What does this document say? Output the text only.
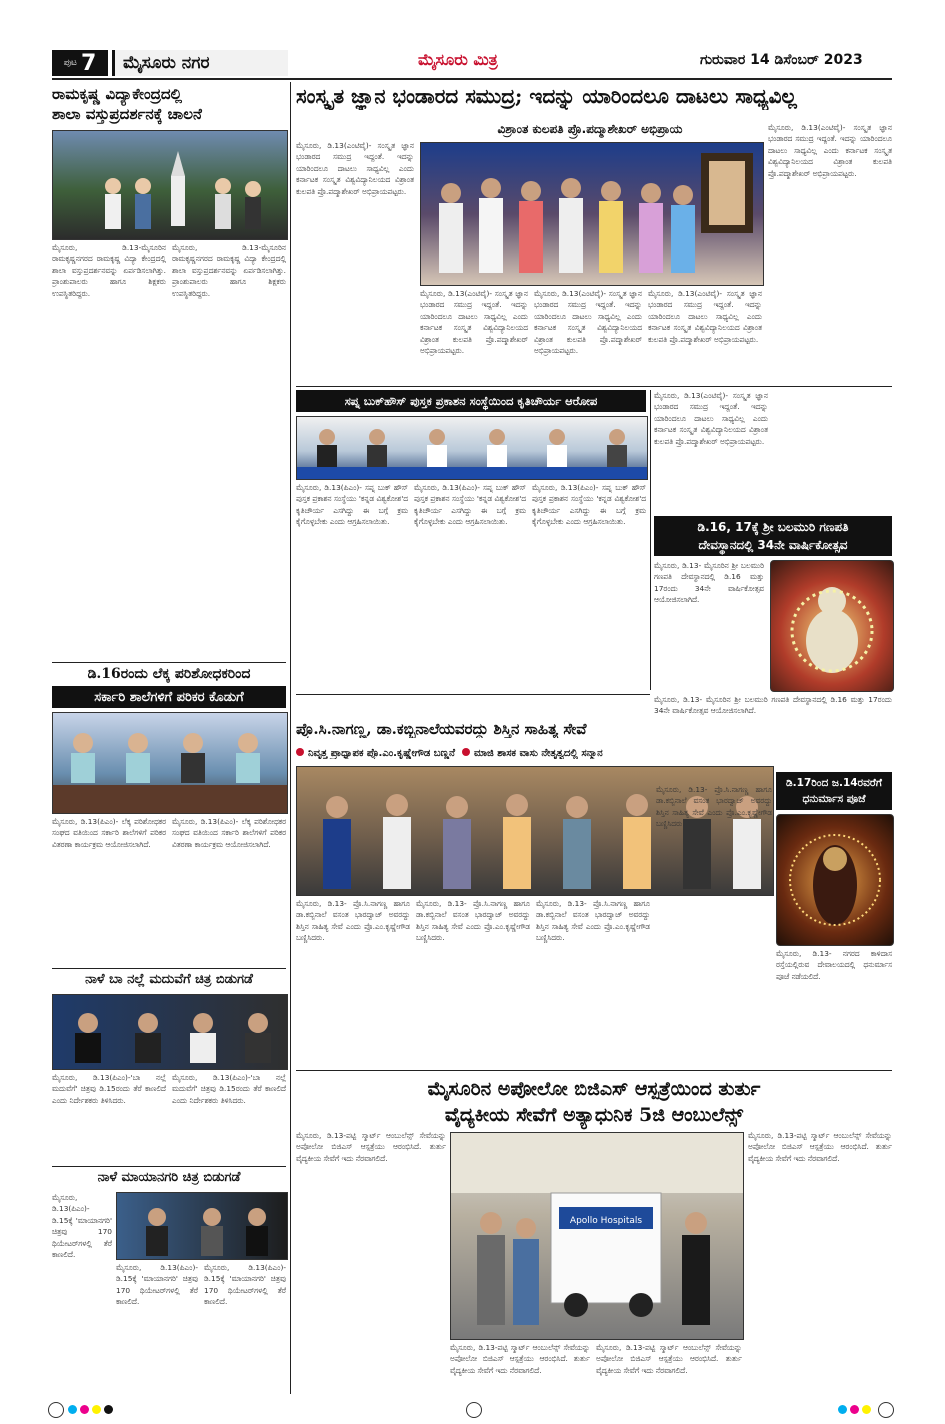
ಪುಟ 7	ಮೈಸೂರು ನಗರ	ಮೈಸೂರು ಮಿತ್ರ	ಗುರುವಾರ 14 ಡಿಸೆಂಬರ್ 2023
ರಾಮಕೃಷ್ಣ ವಿದ್ಯಾಕೇಂದ್ರದಲ್ಲಿ
ಶಾಲಾ ವಸ್ತುಪ್ರದರ್ಶನಕ್ಕೆ ಚಾಲನೆ
ಮೈಸೂರು, ಡಿ.13-ಮೈಸೂರಿನ ರಾಮಕೃಷ್ಣನಗರದ ರಾಮಕೃಷ್ಣ ವಿದ್ಯಾ ಕೇಂದ್ರದಲ್ಲಿ ಶಾಲಾ ವಸ್ತುಪ್ರದರ್ಶನವನ್ನು ಏರ್ಪಡಿಸಲಾಗಿತ್ತು. ಪ್ರಾಂಶುಪಾಲರು ಹಾಗೂ ಶಿಕ್ಷಕರು ಉಪಸ್ಥಿತರಿದ್ದರು.
ಮೈಸೂರು, ಡಿ.13-ಮೈಸೂರಿನ ರಾಮಕೃಷ್ಣನಗರದ ರಾಮಕೃಷ್ಣ ವಿದ್ಯಾ ಕೇಂದ್ರದಲ್ಲಿ ಶಾಲಾ ವಸ್ತುಪ್ರದರ್ಶನವನ್ನು ಏರ್ಪಡಿಸಲಾಗಿತ್ತು. ಪ್ರಾಂಶುಪಾಲರು ಹಾಗೂ ಶಿಕ್ಷಕರು ಉಪಸ್ಥಿತರಿದ್ದರು.
ಡಿ.16ರಂದು ಲೆಕ್ಕ ಪರಿಶೋಧಕರಿಂದ
ಸರ್ಕಾರಿ ಶಾಲೆಗಳಿಗೆ ಪರಿಕರ ಕೊಡುಗೆ
ಮೈಸೂರು, ಡಿ.13(ಪಿಎಂ)- ಲೆಕ್ಕ ಪರಿಶೋಧಕರ ಸಂಘದ ವತಿಯಿಂದ ಸರ್ಕಾರಿ ಶಾಲೆಗಳಿಗೆ ಪರಿಕರ ವಿತರಣಾ ಕಾರ್ಯಕ್ರಮ ಆಯೋಜಿಸಲಾಗಿದೆ.
ಮೈಸೂರು, ಡಿ.13(ಪಿಎಂ)- ಲೆಕ್ಕ ಪರಿಶೋಧಕರ ಸಂಘದ ವತಿಯಿಂದ ಸರ್ಕಾರಿ ಶಾಲೆಗಳಿಗೆ ಪರಿಕರ ವಿತರಣಾ ಕಾರ್ಯಕ್ರಮ ಆಯೋಜಿಸಲಾಗಿದೆ.
ನಾಳೆ ಬಾ ನಲ್ಲೆ ಮದುವೆಗೆ ಚಿತ್ರ ಬಿಡುಗಡೆ
ಮೈಸೂರು, ಡಿ.13(ಪಿಎಂ)-'ಬಾ ನಲ್ಲೆ ಮದುವೆಗೆ' ಚಿತ್ರವು ಡಿ.15ರಂದು ತೆರೆ ಕಾಣಲಿದೆ ಎಂದು ನಿರ್ದೇಶಕರು ತಿಳಿಸಿದರು.
ಮೈಸೂರು, ಡಿ.13(ಪಿಎಂ)-'ಬಾ ನಲ್ಲೆ ಮದುವೆಗೆ' ಚಿತ್ರವು ಡಿ.15ರಂದು ತೆರೆ ಕಾಣಲಿದೆ ಎಂದು ನಿರ್ದೇಶಕರು ತಿಳಿಸಿದರು.
ನಾಳೆ ಮಾಯಾನಗರಿ ಚಿತ್ರ ಬಿಡುಗಡೆ
ಮೈಸೂರು, ಡಿ.13(ಪಿಎಂ)- ಡಿ.15ಕ್ಕೆ 'ಮಾಯಾನಗರಿ' ಚಿತ್ರವು 170 ಥಿಯೇಟರ್‌ಗಳಲ್ಲಿ ತೆರೆ ಕಾಣಲಿದೆ.
ಮೈಸೂರು, ಡಿ.13(ಪಿಎಂ)- ಡಿ.15ಕ್ಕೆ 'ಮಾಯಾನಗರಿ' ಚಿತ್ರವು 170 ಥಿಯೇಟರ್‌ಗಳಲ್ಲಿ ತೆರೆ ಕಾಣಲಿದೆ.
ಮೈಸೂರು, ಡಿ.13(ಪಿಎಂ)- ಡಿ.15ಕ್ಕೆ 'ಮಾಯಾನಗರಿ' ಚಿತ್ರವು 170 ಥಿಯೇಟರ್‌ಗಳಲ್ಲಿ ತೆರೆ ಕಾಣಲಿದೆ.
ಸಂಸ್ಕೃತ ಜ್ಞಾನ ಭಂಡಾರದ ಸಮುದ್ರ; ಇದನ್ನು ಯಾರಿಂದಲೂ ದಾಟಲು ಸಾಧ್ಯವಿಲ್ಲ
ವಿಶ್ರಾಂತ ಕುಲಪತಿ ಪ್ರೊ.ಪದ್ಮಾಶೇಖರ್ ಅಭಿಪ್ರಾಯ
ಮೈಸೂರು, ಡಿ.13(ಎಂಟಿವೈ)- ಸಂಸ್ಕೃತ ಜ್ಞಾನ ಭಂಡಾರದ ಸಮುದ್ರ ಇದ್ದಂತೆ. ಇದನ್ನು ಯಾರಿಂದಲೂ ದಾಟಲು ಸಾಧ್ಯವಿಲ್ಲ ಎಂದು ಕರ್ನಾಟಕ ಸಂಸ್ಕೃತ ವಿಶ್ವವಿದ್ಯಾನಿಲಯದ ವಿಶ್ರಾಂತ ಕುಲಪತಿ ಪ್ರೊ.ಪದ್ಮಾಶೇಖರ್ ಅಭಿಪ್ರಾಯಪಟ್ಟರು.
ಮೈಸೂರು, ಡಿ.13(ಎಂಟಿವೈ)- ಸಂಸ್ಕೃತ ಜ್ಞಾನ ಭಂಡಾರದ ಸಮುದ್ರ ಇದ್ದಂತೆ. ಇದನ್ನು ಯಾರಿಂದಲೂ ದಾಟಲು ಸಾಧ್ಯವಿಲ್ಲ ಎಂದು ಕರ್ನಾಟಕ ಸಂಸ್ಕೃತ ವಿಶ್ವವಿದ್ಯಾನಿಲಯದ ವಿಶ್ರಾಂತ ಕುಲಪತಿ ಪ್ರೊ.ಪದ್ಮಾಶೇಖರ್ ಅಭಿಪ್ರಾಯಪಟ್ಟರು.
ಮೈಸೂರು, ಡಿ.13(ಎಂಟಿವೈ)- ಸಂಸ್ಕೃತ ಜ್ಞಾನ ಭಂಡಾರದ ಸಮುದ್ರ ಇದ್ದಂತೆ. ಇದನ್ನು ಯಾರಿಂದಲೂ ದಾಟಲು ಸಾಧ್ಯವಿಲ್ಲ ಎಂದು ಕರ್ನಾಟಕ ಸಂಸ್ಕೃತ ವಿಶ್ವವಿದ್ಯಾನಿಲಯದ ವಿಶ್ರಾಂತ ಕುಲಪತಿ ಪ್ರೊ.ಪದ್ಮಾಶೇಖರ್ ಅಭಿಪ್ರಾಯಪಟ್ಟರು.
ಮೈಸೂರು, ಡಿ.13(ಎಂಟಿವೈ)- ಸಂಸ್ಕೃತ ಜ್ಞಾನ ಭಂಡಾರದ ಸಮುದ್ರ ಇದ್ದಂತೆ. ಇದನ್ನು ಯಾರಿಂದಲೂ ದಾಟಲು ಸಾಧ್ಯವಿಲ್ಲ ಎಂದು ಕರ್ನಾಟಕ ಸಂಸ್ಕೃತ ವಿಶ್ವವಿದ್ಯಾನಿಲಯದ ವಿಶ್ರಾಂತ ಕುಲಪತಿ ಪ್ರೊ.ಪದ್ಮಾಶೇಖರ್ ಅಭಿಪ್ರಾಯಪಟ್ಟರು.
ಮೈಸೂರು, ಡಿ.13(ಎಂಟಿವೈ)- ಸಂಸ್ಕೃತ ಜ್ಞಾನ ಭಂಡಾರದ ಸಮುದ್ರ ಇದ್ದಂತೆ. ಇದನ್ನು ಯಾರಿಂದಲೂ ದಾಟಲು ಸಾಧ್ಯವಿಲ್ಲ ಎಂದು ಕರ್ನಾಟಕ ಸಂಸ್ಕೃತ ವಿಶ್ವವಿದ್ಯಾನಿಲಯದ ವಿಶ್ರಾಂತ ಕುಲಪತಿ ಪ್ರೊ.ಪದ್ಮಾಶೇಖರ್ ಅಭಿಪ್ರಾಯಪಟ್ಟರು.
ಸಪ್ನ ಬುಕ್‌ಹೌಸ್ ಪುಸ್ತಕ ಪ್ರಕಾಶನ ಸಂಸ್ಥೆಯಿಂದ ಕೃತಿಚೌರ್ಯ ಆರೋಪ
ಮೈಸೂರು, ಡಿ.13(ಪಿಎಂ)- ಸಪ್ನ ಬುಕ್ ಹೌಸ್ ಪುಸ್ತಕ ಪ್ರಕಾಶನ ಸಂಸ್ಥೆಯು 'ಕನ್ನಡ ವಿಶ್ವಕೋಶ'ದ ಕೃತಿಚೌರ್ಯ ಎಸಗಿದ್ದು ಈ ಬಗ್ಗೆ ಕ್ರಮ ಕೈಗೊಳ್ಳಬೇಕು ಎಂದು ಆಗ್ರಹಿಸಲಾಯಿತು.
ಮೈಸೂರು, ಡಿ.13(ಪಿಎಂ)- ಸಪ್ನ ಬುಕ್ ಹೌಸ್ ಪುಸ್ತಕ ಪ್ರಕಾಶನ ಸಂಸ್ಥೆಯು 'ಕನ್ನಡ ವಿಶ್ವಕೋಶ'ದ ಕೃತಿಚೌರ್ಯ ಎಸಗಿದ್ದು ಈ ಬಗ್ಗೆ ಕ್ರಮ ಕೈಗೊಳ್ಳಬೇಕು ಎಂದು ಆಗ್ರಹಿಸಲಾಯಿತು.
ಮೈಸೂರು, ಡಿ.13(ಪಿಎಂ)- ಸಪ್ನ ಬುಕ್ ಹೌಸ್ ಪುಸ್ತಕ ಪ್ರಕಾಶನ ಸಂಸ್ಥೆಯು 'ಕನ್ನಡ ವಿಶ್ವಕೋಶ'ದ ಕೃತಿಚೌರ್ಯ ಎಸಗಿದ್ದು ಈ ಬಗ್ಗೆ ಕ್ರಮ ಕೈಗೊಳ್ಳಬೇಕು ಎಂದು ಆಗ್ರಹಿಸಲಾಯಿತು.
ಮೈಸೂರು, ಡಿ.13(ಎಂಟಿವೈ)- ಸಂಸ್ಕೃತ ಜ್ಞಾನ ಭಂಡಾರದ ಸಮುದ್ರ ಇದ್ದಂತೆ. ಇದನ್ನು ಯಾರಿಂದಲೂ ದಾಟಲು ಸಾಧ್ಯವಿಲ್ಲ ಎಂದು ಕರ್ನಾಟಕ ಸಂಸ್ಕೃತ ವಿಶ್ವವಿದ್ಯಾನಿಲಯದ ವಿಶ್ರಾಂತ ಕುಲಪತಿ ಪ್ರೊ.ಪದ್ಮಾಶೇಖರ್ ಅಭಿಪ್ರಾಯಪಟ್ಟರು.
ಡಿ.16, 17ಕ್ಕೆ ಶ್ರೀ ಬಲಮುರಿ ಗಣಪತಿ
ದೇವಸ್ಥಾನದಲ್ಲಿ 34ನೇ ವಾರ್ಷಿಕೋತ್ಸವ
ಮೈಸೂರು, ಡಿ.13- ಮೈಸೂರಿನ ಶ್ರೀ ಬಲಮುರಿ ಗಣಪತಿ ದೇವಸ್ಥಾನದಲ್ಲಿ ಡಿ.16 ಮತ್ತು 17ರಂದು 34ನೇ ವಾರ್ಷಿಕೋತ್ಸವ ಆಯೋಜಿಸಲಾಗಿದೆ.
ಮೈಸೂರು, ಡಿ.13- ಮೈಸೂರಿನ ಶ್ರೀ ಬಲಮುರಿ ಗಣಪತಿ ದೇವಸ್ಥಾನದಲ್ಲಿ ಡಿ.16 ಮತ್ತು 17ರಂದು 34ನೇ ವಾರ್ಷಿಕೋತ್ಸವ ಆಯೋಜಿಸಲಾಗಿದೆ.
ಡಿ.17ರಿಂದ ಜ.14ರವರೆಗೆ
ಧನುರ್ಮಾಸ ಪೂಜೆ
ಮೈಸೂರು, ಡಿ.13- ನಗರದ ಕಾಳಿದಾಸ ರಸ್ತೆಯಲ್ಲಿರುವ ದೇವಾಲಯದಲ್ಲಿ ಧನುರ್ಮಾಸ ಪೂಜೆ ನಡೆಯಲಿದೆ.
ಪ್ರೊ.ಸಿ.ನಾಗಣ್ಣ, ಡಾ.ಕಬ್ಬಿನಾಲೆಯವರದ್ದು ಶಿಸ್ತಿನ ಸಾಹಿತ್ಯ ಸೇವೆ
ನಿವೃತ್ತ ಪ್ರಾಧ್ಯಾಪಕ ಪ್ರೊ.ಎಂ.ಕೃಷ್ಣೇಗೌಡ ಬಣ್ಣನೆ ಮಾಜಿ ಶಾಸಕ ವಾಸು ನೇತೃತ್ವದಲ್ಲಿ ಸನ್ಮಾನ
ಮೈಸೂರು, ಡಿ.13- ಪ್ರೊ.ಸಿ.ನಾಗಣ್ಣ ಹಾಗೂ ಡಾ.ಕಬ್ಬಿನಾಲೆ ವಸಂತ ಭಾರದ್ವಾಜ್ ಅವರದ್ದು ಶಿಸ್ತಿನ ಸಾಹಿತ್ಯ ಸೇವೆ ಎಂದು ಪ್ರೊ.ಎಂ.ಕೃಷ್ಣೇಗೌಡ ಬಣ್ಣಿಸಿದರು.
ಮೈಸೂರು, ಡಿ.13- ಪ್ರೊ.ಸಿ.ನಾಗಣ್ಣ ಹಾಗೂ ಡಾ.ಕಬ್ಬಿನಾಲೆ ವಸಂತ ಭಾರದ್ವಾಜ್ ಅವರದ್ದು ಶಿಸ್ತಿನ ಸಾಹಿತ್ಯ ಸೇವೆ ಎಂದು ಪ್ರೊ.ಎಂ.ಕೃಷ್ಣೇಗೌಡ ಬಣ್ಣಿಸಿದರು.
ಮೈಸೂರು, ಡಿ.13- ಪ್ರೊ.ಸಿ.ನಾಗಣ್ಣ ಹಾಗೂ ಡಾ.ಕಬ್ಬಿನಾಲೆ ವಸಂತ ಭಾರದ್ವಾಜ್ ಅವರದ್ದು ಶಿಸ್ತಿನ ಸಾಹಿತ್ಯ ಸೇವೆ ಎಂದು ಪ್ರೊ.ಎಂ.ಕೃಷ್ಣೇಗೌಡ ಬಣ್ಣಿಸಿದರು.
ಮೈಸೂರು, ಡಿ.13- ಪ್ರೊ.ಸಿ.ನಾಗಣ್ಣ ಹಾಗೂ ಡಾ.ಕಬ್ಬಿನಾಲೆ ವಸಂತ ಭಾರದ್ವಾಜ್ ಅವರದ್ದು ಶಿಸ್ತಿನ ಸಾಹಿತ್ಯ ಸೇವೆ ಎಂದು ಪ್ರೊ.ಎಂ.ಕೃಷ್ಣೇಗೌಡ ಬಣ್ಣಿಸಿದರು.
ಮೈಸೂರಿನ ಅಪೋಲೋ ಬಿಜಿಎಸ್ ಆಸ್ಪತ್ರೆಯಿಂದ ತುರ್ತು
ವೈದ್ಯಕೀಯ ಸೇವೆಗೆ ಅತ್ಯಾಧುನಿಕ 5ಜಿ ಆಂಬುಲೆನ್ಸ್
ಮೈಸೂರು, ಡಿ.13-ಪಟ್ಟಿ ಸ್ಮಾರ್ಟ್ ಆಂಬುಲೆನ್ಸ್ ಸೇವೆಯನ್ನು ಅಪೋಲೋ ಬಿಜಿಎಸ್ ಆಸ್ಪತ್ರೆಯು ಆರಂಭಿಸಿದೆ. ತುರ್ತು ವೈದ್ಯಕೀಯ ಸೇವೆಗೆ ಇದು ನೆರವಾಗಲಿದೆ.
Apollo Hospitals
ಮೈಸೂರು, ಡಿ.13-ಪಟ್ಟಿ ಸ್ಮಾರ್ಟ್ ಆಂಬುಲೆನ್ಸ್ ಸೇವೆಯನ್ನು ಅಪೋಲೋ ಬಿಜಿಎಸ್ ಆಸ್ಪತ್ರೆಯು ಆರಂಭಿಸಿದೆ. ತುರ್ತು ವೈದ್ಯಕೀಯ ಸೇವೆಗೆ ಇದು ನೆರವಾಗಲಿದೆ.
ಮೈಸೂರು, ಡಿ.13-ಪಟ್ಟಿ ಸ್ಮಾರ್ಟ್ ಆಂಬುಲೆನ್ಸ್ ಸೇವೆಯನ್ನು ಅಪೋಲೋ ಬಿಜಿಎಸ್ ಆಸ್ಪತ್ರೆಯು ಆರಂಭಿಸಿದೆ. ತುರ್ತು ವೈದ್ಯಕೀಯ ಸೇವೆಗೆ ಇದು ನೆರವಾಗಲಿದೆ.
ಮೈಸೂರು, ಡಿ.13-ಪಟ್ಟಿ ಸ್ಮಾರ್ಟ್ ಆಂಬುಲೆನ್ಸ್ ಸೇವೆಯನ್ನು ಅಪೋಲೋ ಬಿಜಿಎಸ್ ಆಸ್ಪತ್ರೆಯು ಆರಂಭಿಸಿದೆ. ತುರ್ತು ವೈದ್ಯಕೀಯ ಸೇವೆಗೆ ಇದು ನೆರವಾಗಲಿದೆ.
